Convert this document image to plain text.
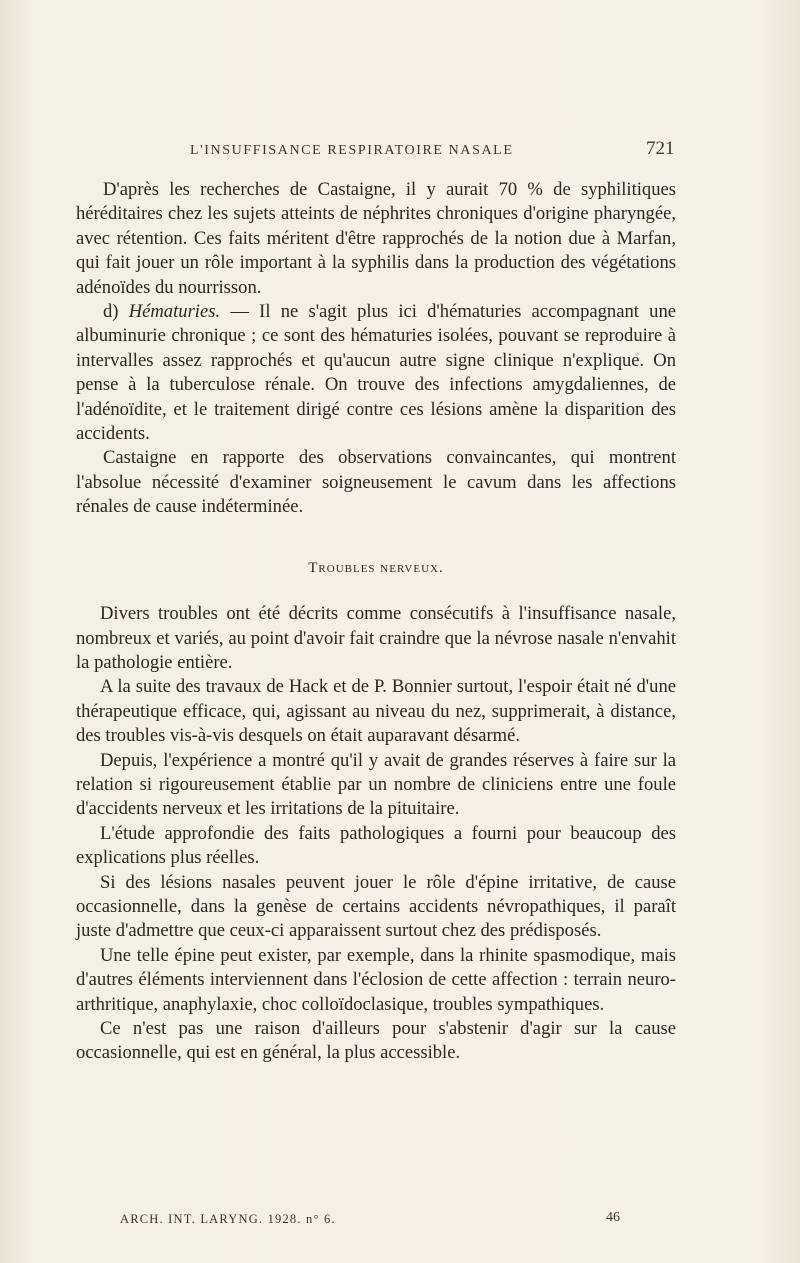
L'INSUFFISANCE RESPIRATOIRE NASALE	721

D'après les recherches de Castaigne, il y aurait 70 % de syphilitiques héréditaires chez les sujets atteints de néphrites chroniques d'origine pharyngée, avec rétention. Ces faits méritent d'être rapprochés de la notion due à Marfan, qui fait jouer un rôle important à la syphilis dans la production des végétations adénoïdes du nourrisson.

d) Hématuries. — Il ne s'agit plus ici d'hématuries accompagnant une albuminurie chronique ; ce sont des hématuries isolées, pouvant se reproduire à intervalles assez rapprochés et qu'aucun autre signe clinique n'explique. On pense à la tuberculose rénale. On trouve des infections amygdaliennes, de l'adénoïdite, et le traitement dirigé contre ces lésions amène la disparition des accidents.

Castaigne en rapporte des observations convaincantes, qui montrent l'absolue nécessité d'examiner soigneusement le cavum dans les affections rénales de cause indéterminée.

Troubles nerveux.

Divers troubles ont été décrits comme consécutifs à l'insuffisance nasale, nombreux et variés, au point d'avoir fait craindre que la névrose nasale n'envahit la pathologie entière.

A la suite des travaux de Hack et de P. Bonnier surtout, l'espoir était né d'une thérapeutique efficace, qui, agissant au niveau du nez, supprimerait, à distance, des troubles vis-à-vis desquels on était auparavant désarmé.

Depuis, l'expérience a montré qu'il y avait de grandes réserves à faire sur la relation si rigoureusement établie par un nombre de cliniciens entre une foule d'accidents nerveux et les irritations de la pituitaire.

L'étude approfondie des faits pathologiques a fourni pour beaucoup des explications plus réelles.

Si des lésions nasales peuvent jouer le rôle d'épine irritative, de cause occasionnelle, dans la genèse de certains accidents névropathiques, il paraît juste d'admettre que ceux-ci apparaissent surtout chez des prédisposés.

Une telle épine peut exister, par exemple, dans la rhinite spasmodique, mais d'autres éléments interviennent dans l'éclosion de cette affection : terrain neuro-arthritique, anaphylaxie, choc colloïdoclasique, troubles sympathiques.

Ce n'est pas une raison d'ailleurs pour s'abstenir d'agir sur la cause occasionnelle, qui est en général, la plus accessible.

ARCH. INT. LARYNG. 1928. n° 6.	46
